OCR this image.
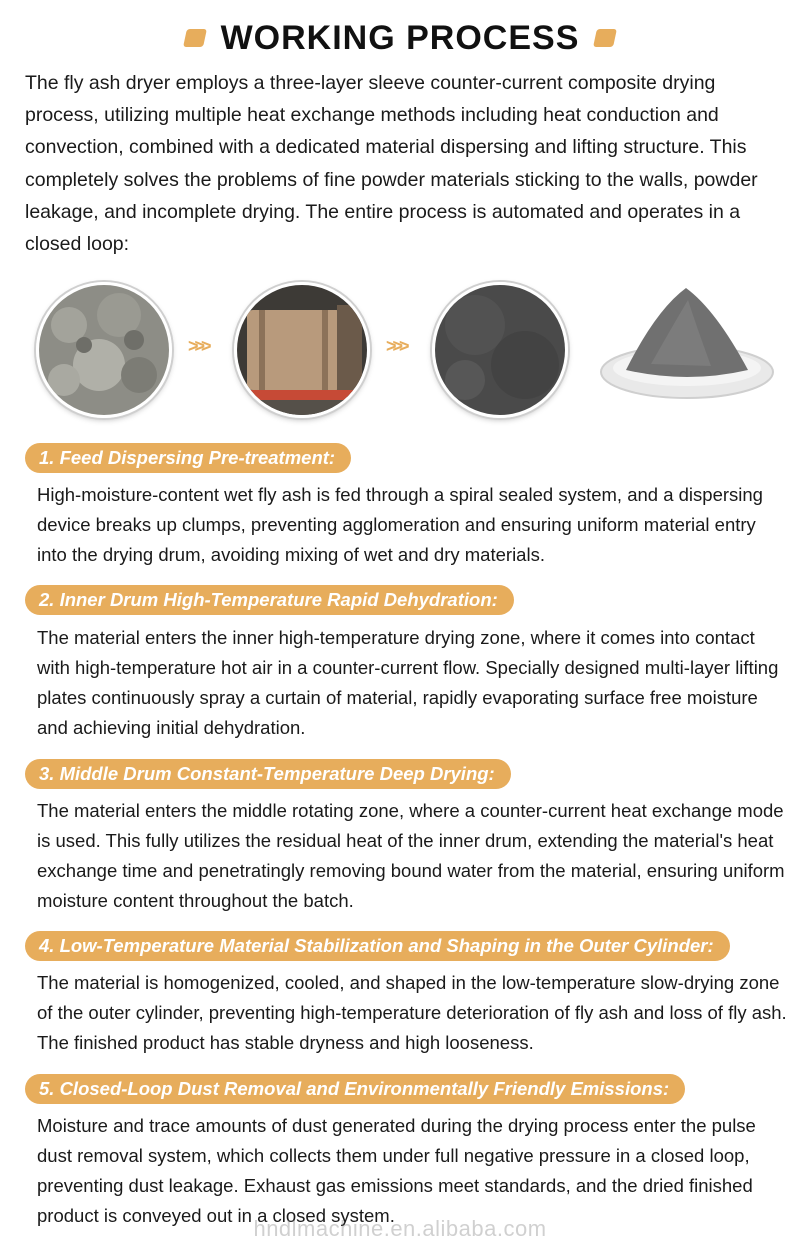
WORKING PROCESS

The fly ash dryer employs a three-layer sleeve counter-current composite drying process, utilizing multiple heat exchange methods including heat conduction and convection, combined with a dedicated material dispersing and lifting structure. This completely solves the problems of fine powder materials sticking to the walls, powder leakage, and incomplete drying. The entire process is automated and operates in a closed loop:

>>>	>>>
1. Feed Dispersing Pre-treatment:

High-moisture-content wet fly ash is fed through a spiral sealed system, and a dispersing device breaks up clumps, preventing agglomeration and ensuring uniform material entry into the drying drum, avoiding mixing of wet and dry materials.

2. Inner Drum High-Temperature Rapid Dehydration:

The material enters the inner high-temperature drying zone, where it comes into contact with high-temperature hot air in a counter-current flow. Specially designed multi-layer lifting plates continuously spray a curtain of material, rapidly evaporating surface free moisture and achieving initial dehydration.

3. Middle Drum Constant-Temperature Deep Drying:

The material enters the middle rotating zone, where a counter-current heat exchange mode is used. This fully utilizes the residual heat of the inner drum, extending the material's heat exchange time and penetratingly removing bound water from the material, ensuring uniform moisture content throughout the batch.

4. Low-Temperature Material Stabilization and Shaping in the Outer Cylinder:

The material is homogenized, cooled, and shaped in the low-temperature slow-drying zone of the outer cylinder, preventing high-temperature deterioration of fly ash and loss of fly ash. The finished product has stable dryness and high looseness.

5. Closed-Loop Dust Removal and Environmentally Friendly Emissions:

Moisture and trace amounts of dust generated during the drying process enter the pulse dust removal system, which collects them under full negative pressure in a closed loop, preventing dust leakage. Exhaust gas emissions meet standards, and the dried finished product is conveyed out in a closed system.

hndlmachine.en.alibaba.com
